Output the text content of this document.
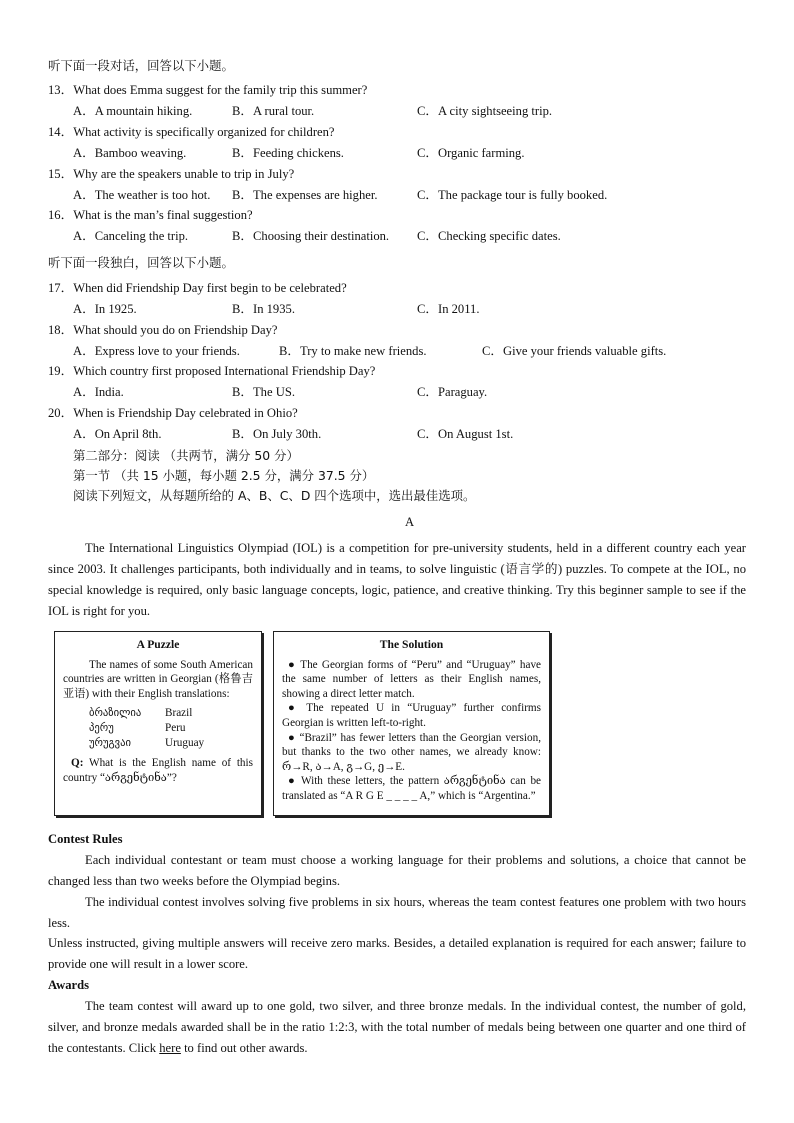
听下面一段对话，回答以下小题。
13．What does Emma suggest for the family trip this summer?
A．A mountain hiking.	B．A rural tour.	C．A city sightseeing trip.
14．What activity is specifically organized for children?
A．Bamboo weaving.	B．Feeding chickens.	C．Organic farming.
15．Why are the speakers unable to trip in July?
A．The weather is too hot. B．The expenses are higher.	C．The package tour is fully booked.
16．What is the man’s final suggestion?
A．Canceling the trip.	B．Choosing their destination. C．Checking specific dates.
听下面一段独白，回答以下小题。
17．When did Friendship Day first begin to be celebrated?
A．In 1925.	B．In 1935.	C．In 2011.
18．What should you do on Friendship Day?
A．Express love to your friends.	B．Try to make new friends.	C．Give your friends valuable gifts.
19．Which country first proposed International Friendship Day?
A．India.	B．The US.	C．Paraguay.
20．When is Friendship Day celebrated in Ohio?
A．On April 8th.	B．On July 30th.	C．On August 1st.
第二部分：阅读 （共两节，满分 50 分）
第一节 （共 15 小题，每小题 2.5 分，满分 37.5 分）
阅读下列短文，从每题所给的 A、B、C、D 四个选项中，选出最佳选项。
A
The International Linguistics Olympiad (IOL) is a competition for pre-university students, held in a different country each year since 2003. It challenges participants, both individually and in teams, to solve linguistic (语言学的) puzzles. To compete at the IOL, no special knowledge is required, only basic language concepts, logic, patience, and creative thinking. Try this beginner sample to see if the IOL is right for you.
A Puzzle

The names of some South American countries are written in Georgian (格鲁吉亚语) with their English translations:

ბრაზილია	Brazil
პერუ	Peru
ურუგვაი	Uruguay

Q: What is the English name of this country “არგენტინა”?

The Solution

● The Georgian forms of “Peru” and “Uruguay” have the same number of letters as their English names, showing a direct letter match.

● The repeated U in “Uruguay” further confirms Georgian is written left-to-right.

● “Brazil” has fewer letters than the Georgian version, but thanks to the two other names, we already know: რ→R, ა→A, გ→G, ე→E.

● With these letters, the pattern არგენტინა can be translated as “A R G E _ _ _ _ A,” which is “Argentina.”

Contest Rules
Each individual contestant or team must choose a working language for their problems and solutions, a choice that cannot be changed less than two weeks before the Olympiad begins.
The individual contest involves solving five problems in six hours, whereas the team contest features one problem with two hours less.
Unless instructed, giving multiple answers will receive zero marks. Besides, a detailed explanation is required for each answer; failure to provide one will result in a lower score.
Awards
The team contest will award up to one gold, two silver, and three bronze medals. In the individual contest, the number of gold, silver, and bronze medals awarded shall be in the ratio 1:2:3, with the total number of medals being between one quarter and one third of the contestants. Click here to find out other awards.
